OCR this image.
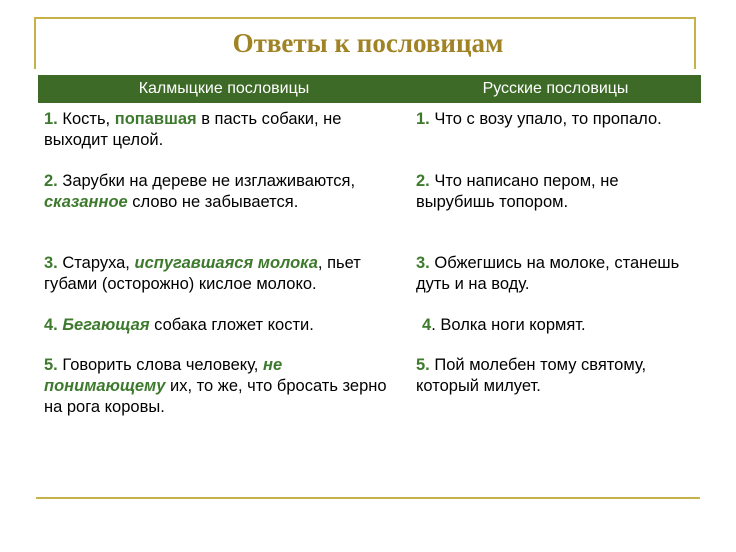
Ответы к пословицам
Калмыцкие пословицы	Русские пословицы
1. Кость, попавшая в пасть собаки, не выходит целой.	1. Что с возу упало, то пропало.
2. Зарубки на дереве не изглаживаются, сказанное слово не забывается.	2. Что написано пером, не вырубишь топором.
3. Старуха, испугавшаяся молока, пьет губами (осторожно) кислое молоко.	3. Обжегшись на молоке, станешь дуть и на воду.
4. Бегающая собака гложет кости.	4. Волка ноги кормят.
5. Говорить слова человеку, не понимающему их, то же, что бросать зерно на рога коровы.	5. Пой молебен тому святому, который милует.
